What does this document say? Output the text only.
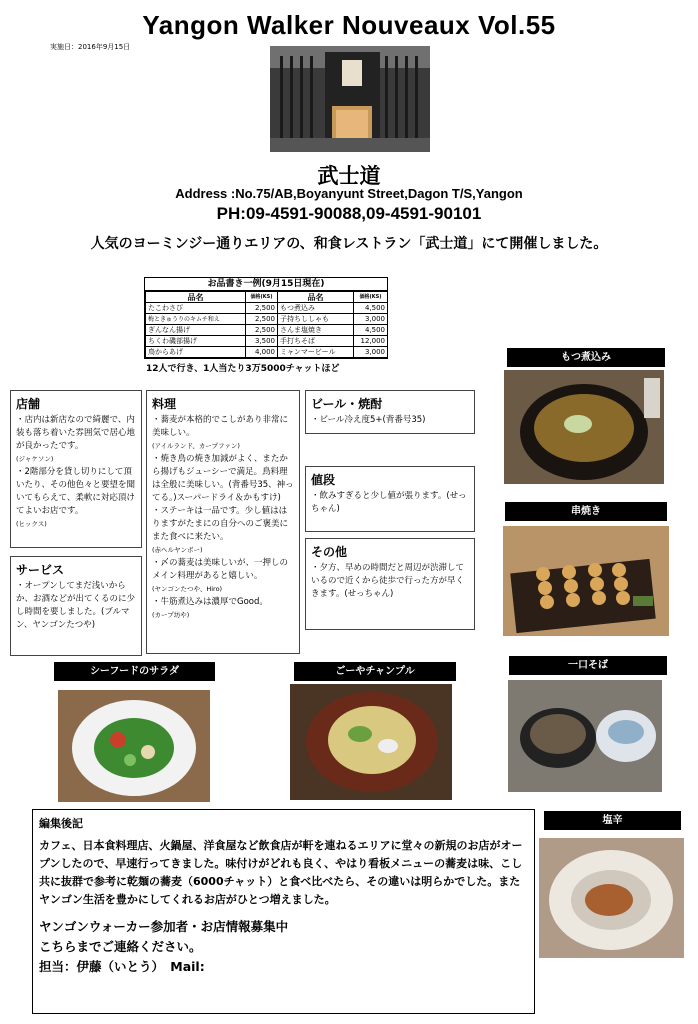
Yangon Walker Nouveaux Vol.55
実施日：2016年9月15日
武士道
Address :No.75/AB,Boyanyunt Street,Dagon T/S,Yangon
PH:09-4591-90088,09-4591-90101
人気のヨーミンジー通りエリアの、和食レストラン「武士道」にて開催しました。
お品書き一例(9月15日現在)
品名	価格(KS)	品名	価格(KS)
たこわさび	2,500	もつ煮込み	4,500
梅ときゅうりのキムチ和え	2,500	子持ちししゃも	3,000
ぎんなん揚げ	2,500	さんま塩焼き	4,500
ちくわ磯部揚げ	3,500	手打ちそば	12,000
鳥からあげ	4,000	ミャンマービール	3,000
12人で行き、1人当たり3万5000チャットほど
店舗

・店内は新店なので綺麗で、内装も落ち着いた雰囲気で居心地が良かったです。

(ジャケソン)

・2階部分を貸し切りにして頂いたり、その他色々と要望を聞いてもらえて、柔軟に対応頂けてよいお店です。

(ヒックス)

サービス

・オープンしてまだ浅いからか、お酒などが出てくるのに少し時間を要しました。(ブルマン、ヤンゴンたつや)

料理

・蕎麦が本格的でこしがあり非常に美味しい。

(アイルランド、カープファン)

・焼き鳥の焼き加減がよく、またから揚げもジューシーで満足。鳥料理は全般に美味しい。(背番号35、神ってる。)スーパードライ＆かもすけ)

・ステーキは一品です。少し値ははりますがたまにの自分へのご褒美にまた食べに来たい。

(赤ヘルヤンボー)

・〆の蕎麦は美味しいが、一押しのメイン料理があると嬉しい。

(ヤンゴンたつや、Hiro)

・牛筋煮込みは濃厚でGood。

(カープ坊や)

ビール・焼酎

・ビール冷え度5+(背番号35)

値段

・飲みすぎると少し値が張ります。(せっちゃん)

その他

・夕方、早めの時間だと周辺が渋滞しているので近くから徒歩で行った方が早くきます。(せっちゃん)

もつ煮込み
串焼き
一口そば
シーフードのサラダ	ごーやチャンプル
塩辛
編集後記

カフェ、日本食料理店、火鍋屋、洋食屋など飲食店が軒を連ねるエリアに堂々の新規のお店がオープンしたので、早速行ってきました。味付けがどれも良く、やはり看板メニューの蕎麦は味、こし共に抜群で参考に乾麺の蕎麦（6000チャット）と食べ比べたら、その違いは明らかでした。またヤンゴン生活を豊かにしてくれるお店がひとつ増えました。

ヤンゴンウォーカー参加者・お店情報募集中
こちらまでご連絡ください。
担当：伊藤（いとう）　Mail:
